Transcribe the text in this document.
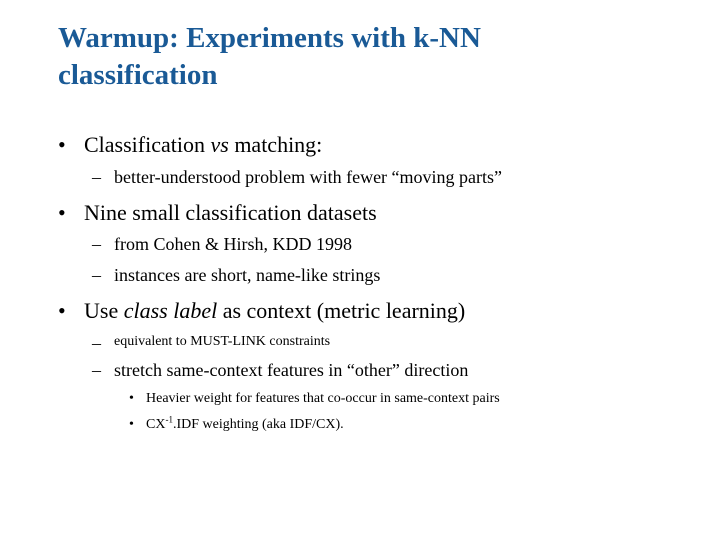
Warmup: Experiments with k-NN
classification
• Classification vs matching:
– better-understood problem with fewer “moving parts”
• Nine small classification datasets
– from Cohen & Hirsh, KDD 1998
– instances are short, name-like strings
• Use class label as context (metric learning)
– equivalent to MUST-LINK constraints
– stretch same-context features in “other” direction
• Heavier weight for features that co-occur in same-context pairs
• $CX^{-1}.IDF$ weighting (aka IDF/CX).
